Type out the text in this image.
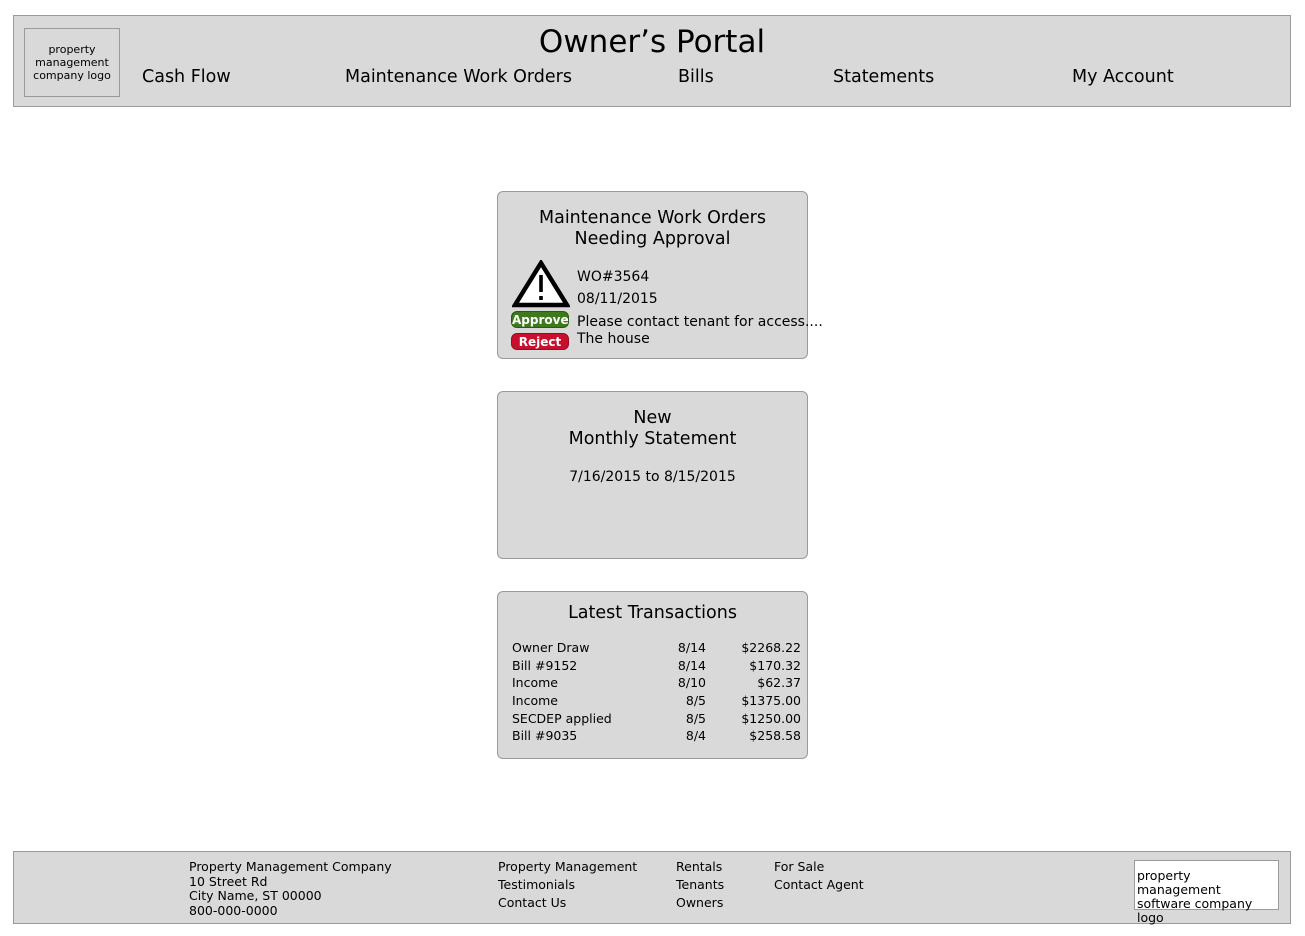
property management company logo
Owner’s Portal
Cash Flow	Maintenance Work Orders	Bills	Statements	My Account
Maintenance Work Orders
Needing Approval
Approve
Reject
WO#3564
08/11/2015
Please contact tenant for access....
The house
New
Monthly Statement
7/16/2015 to 8/15/2015
Latest Transactions
Owner Draw	8/14	$2268.22
Bill #9152	8/14	$170.32
Income	8/10	$62.37
Income	8/5	$1375.00
SECDEP applied	8/5	$1250.00
Bill #9035	8/4	$258.58
Property Management Company
10 Street Rd
City Name, ST 00000
800-000-0000
Property Management
Testimonials
Contact Us
Rentals
Tenants
Owners
For Sale
Contact Agent
property management software company logo
